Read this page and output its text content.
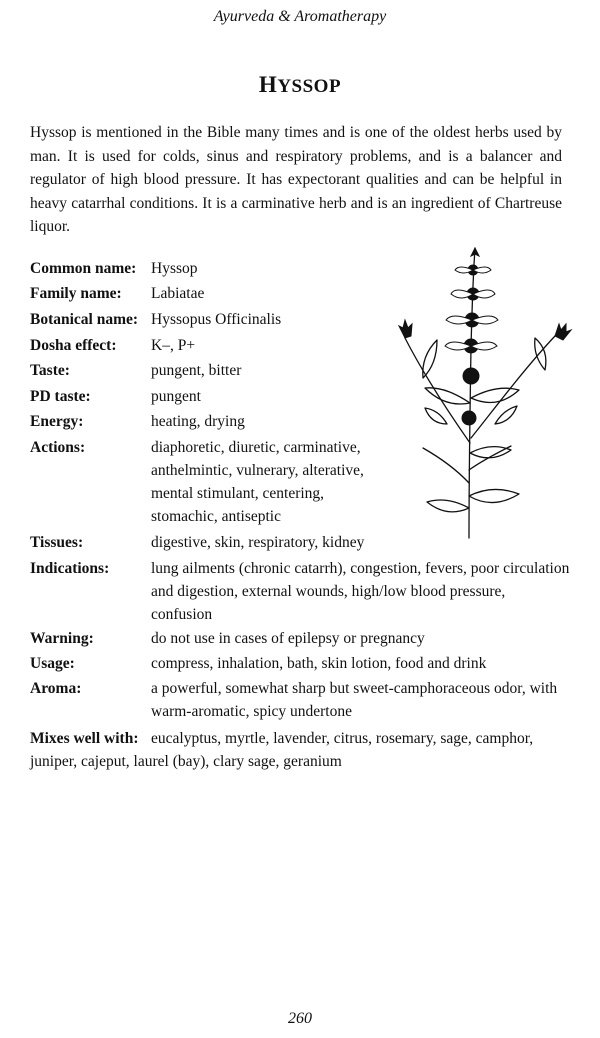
Ayurveda & Aromatherapy
HYSSOP

Hyssop is mentioned in the Bible many times and is one of the oldest herbs used by man. It is used for colds, sinus and respiratory problems, and is a balancer and regulator of high blood pressure. It has expectorant qualities and can be helpful in heavy catarrhal conditions. It is a carminative herb and is an ingredient of Chartreuse liquor.

Common name: Hyssop
Family name: Labiatae
Botanical name: Hyssopus Officinalis
Dosha effect: K–, P+
Taste:	pungent, bitter
PD taste:	pungent
Energy:	heating, drying
Actions:	diaphoretic, diuretic, carminative, anthelmintic, vulnerary, alterative, mental stimulant, centering, stomachic, antiseptic
Tissues:	digestive, skin, respiratory, kidney
Indications:	lung ailments (chronic catarrh), congestion, fevers, poor circulation and digestion, external wounds, high/low blood pressure, confusion
Warning:	do not use in cases of epilepsy or pregnancy
Usage:	compress, inhalation, bath, skin lotion, food and drink
Aroma:	a powerful, somewhat sharp but sweet-camphoraceous odor, with warm-aromatic, spicy undertone
Mixes well with: eucalyptus, myrtle, lavender, citrus, rosemary, sage, camphor, juniper, cajeput, laurel (bay), clary sage, geranium
260
